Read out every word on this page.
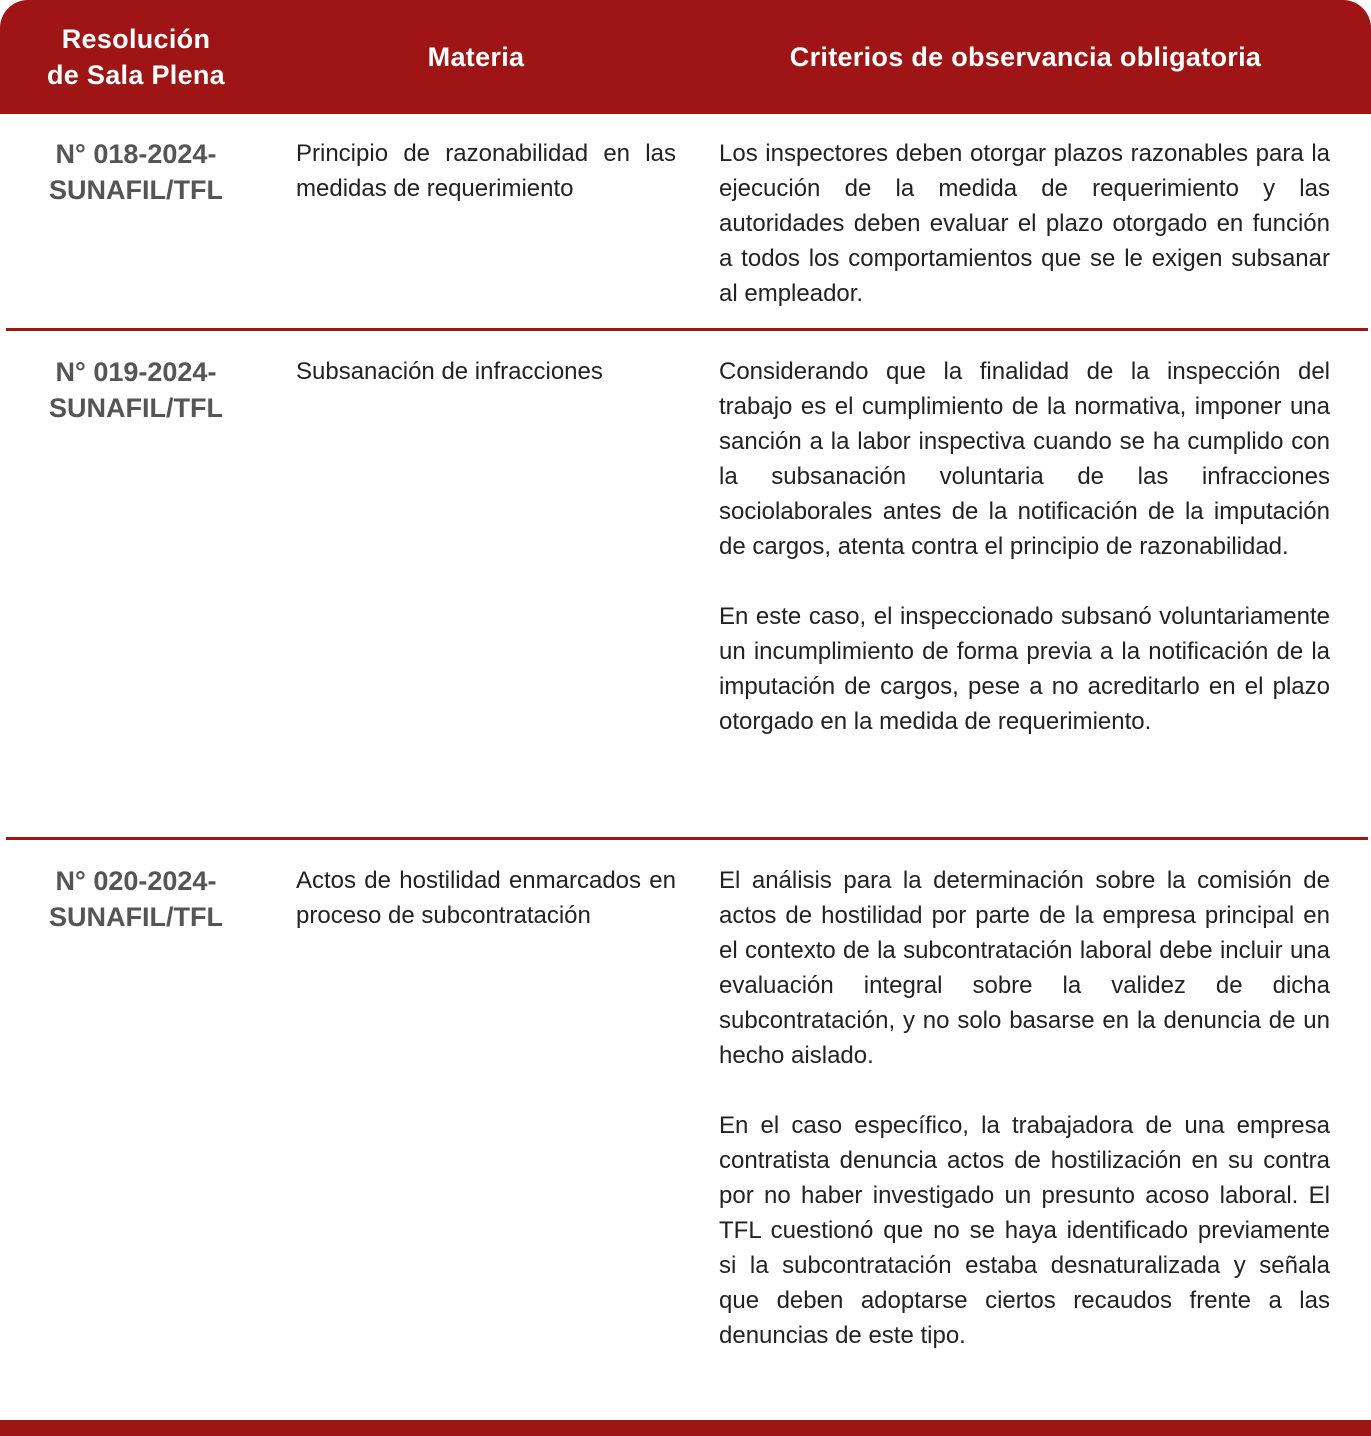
Resolución
de Sala Plena
Materia	Criterios de observancia obligatoria
N° 018-2024-
SUNAFIL/TFL
Principio de razonabilidad en las medidas de requerimiento

Los inspectores deben otorgar plazos razonables para la ejecución de la medida de requerimiento y las autoridades deben evaluar el plazo otorgado en función a todos los comportamientos que se le exigen subsanar al empleador.

N° 019-2024-
SUNAFIL/TFL
Subsanación de infracciones	Considerando que la finalidad de la inspección del trabajo es el cumplimiento de la normativa, imponer una sanción a la labor inspectiva cuando se ha cumplido con la subsanación voluntaria de las infracciones sociolaborales antes de la notificación de la imputación de cargos, atenta contra el principio de razonabilidad.

En este caso, el inspeccionado subsanó voluntariamente un incumplimiento de forma previa a la notificación de la imputación de cargos, pese a no acreditarlo en el plazo otorgado en la medida de requerimiento.

N° 020-2024-
SUNAFIL/TFL
Actos de hostilidad enmarcados en proceso de subcontratación

El análisis para la determinación sobre la comisión de actos de hostilidad por parte de la empresa principal en el contexto de la subcontratación laboral debe incluir una evaluación integral sobre la validez de dicha subcontratación, y no solo basarse en la denuncia de un hecho aislado.

En el caso específico, la trabajadora de una empresa contratista denuncia actos de hostilización en su contra por no haber investigado un presunto acoso laboral. El TFL cuestionó que no se haya identificado previamente si la subcontratación estaba desnaturalizada y señala que deben adoptarse ciertos recaudos frente a las denuncias de este tipo.
